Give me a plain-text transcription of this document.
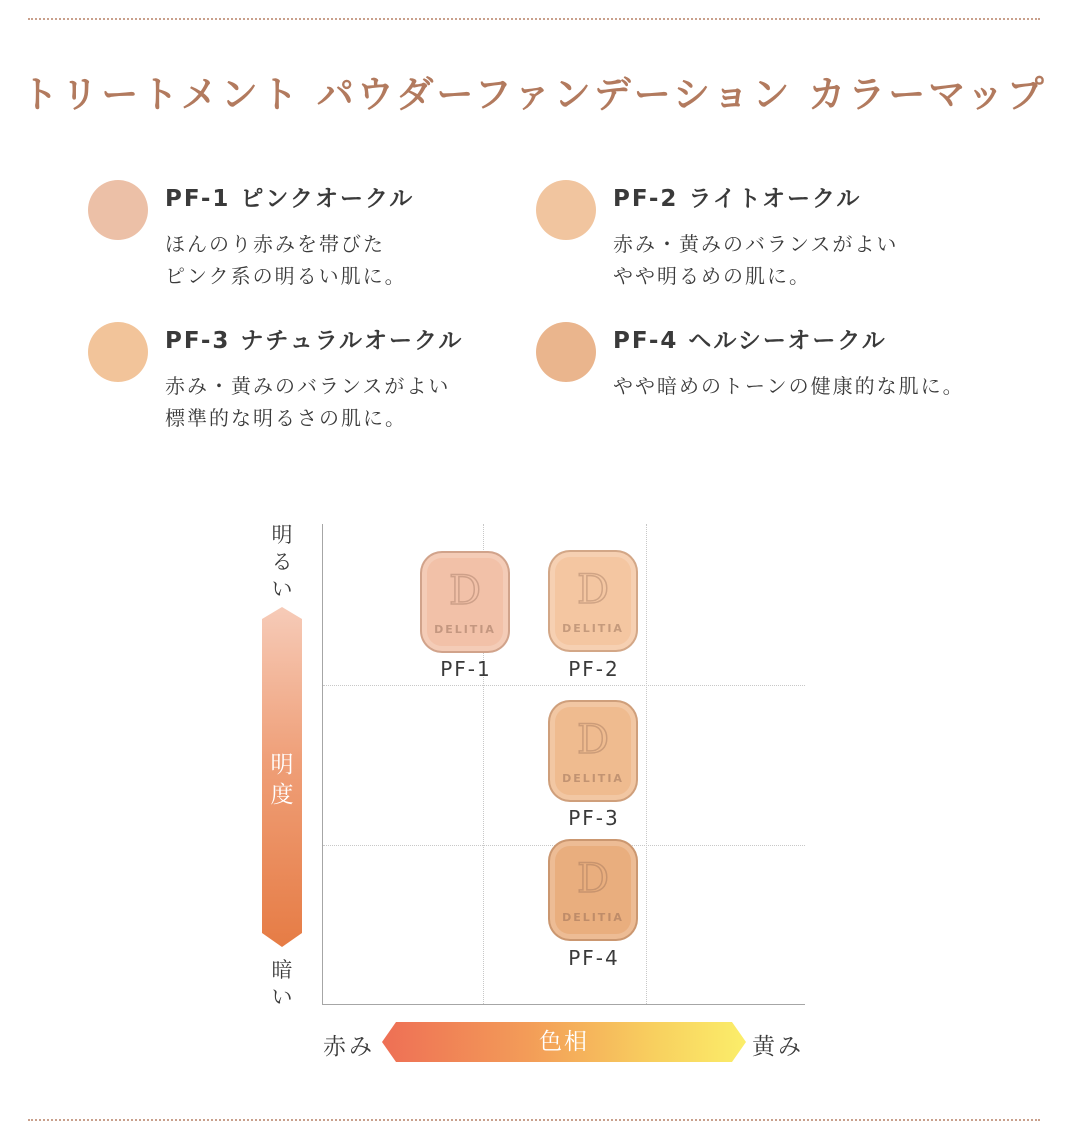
トリートメント パウダーファンデーション カラーマップ
PF-1 ピンクオークル
ほんのり赤みを帯びた
ピンク系の明るい肌に。
PF-2 ライトオークル
赤み・黄みのバランスがよい
やや明るめの肌に。
PF-3 ナチュラルオークル
赤み・黄みのバランスがよい
標準的な明るさの肌に。
PF-4 ヘルシーオークル
やや暗めのトーンの健康的な肌に。
D
DELITIA
PF-1
D
DELITIA
PF-2
D
DELITIA
PF-3
D
DELITIA
PF-4
明
る
い
明
度
暗
い
赤み	色相	黄み
